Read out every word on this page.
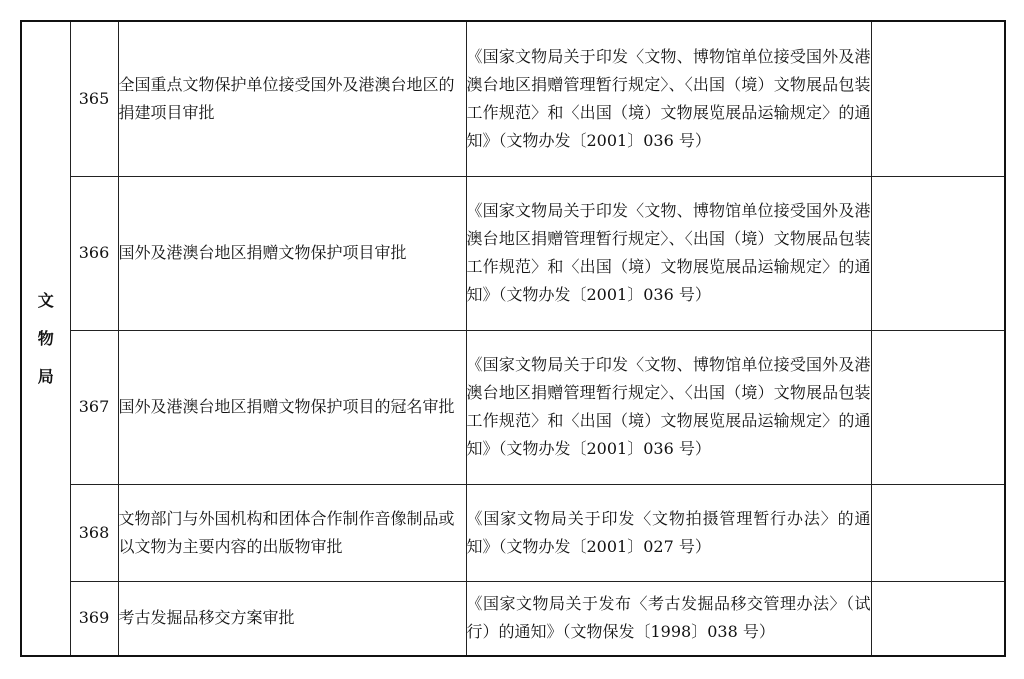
文物局	365	全国重点文物保护单位接受国外及港澳台地区的捐建项目审批	《国家文物局关于印发〈文物、博物馆单位接受国外及港澳台地区捐赠管理暂行规定〉、〈出国（境）文物展品包装工作规范〉和〈出国（境）文物展览展品运输规定〉的通知》（文物办发〔2001〕036 号）	
	366	国外及港澳台地区捐赠文物保护项目审批	《国家文物局关于印发〈文物、博物馆单位接受国外及港澳台地区捐赠管理暂行规定〉、〈出国（境）文物展品包装工作规范〉和〈出国（境）文物展览展品运输规定〉的通知》（文物办发〔2001〕036 号）	
	367	国外及港澳台地区捐赠文物保护项目的冠名审批	《国家文物局关于印发〈文物、博物馆单位接受国外及港澳台地区捐赠管理暂行规定〉、〈出国（境）文物展品包装工作规范〉和〈出国（境）文物展览展品运输规定〉的通知》（文物办发〔2001〕036 号）	
	368	文物部门与外国机构和团体合作制作音像制品或以文物为主要内容的出版物审批	《国家文物局关于印发〈文物拍摄管理暂行办法〉的通知》（文物办发〔2001〕027 号）	
	369	考古发掘品移交方案审批	《国家文物局关于发布〈考古发掘品移交管理办法〉（试行）的通知》（文物保发〔1998〕038 号）	
